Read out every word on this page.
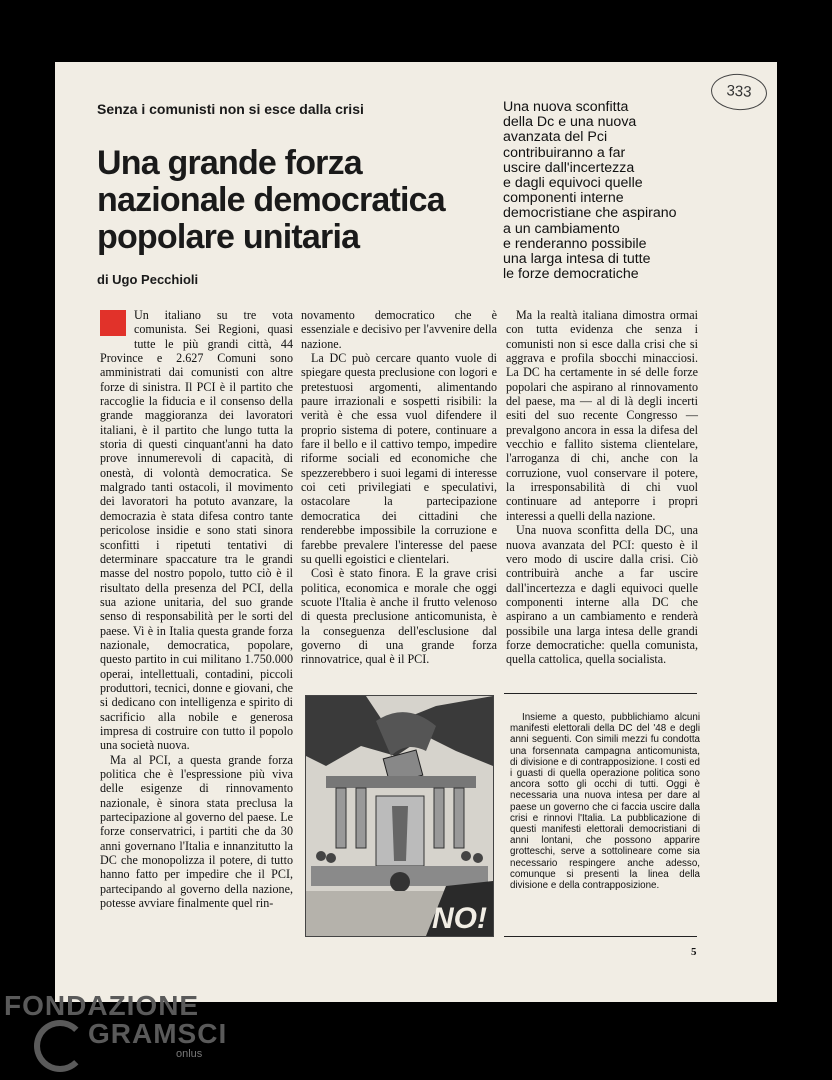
333
Senza i comunisti non si esce dalla crisi
Una grande forza
nazionale democratica
popolare unitaria
di Ugo Pecchioli
Una nuova sconfitta
della Dc e una nuova
avanzata del Pci
contribuiranno a far
uscire dall'incertezza
e dagli equivoci quelle
componenti interne
democristiane che aspirano
a un cambiamento
e renderanno possibile
una larga intesa di tutte
le forze democratiche

Un italiano su tre vota comunista. Sei Regioni, quasi tutte le più grandi città, 44 Province e 2.627 Comuni sono amministrati dai comunisti con altre forze di sinistra. Il PCI è il partito che raccoglie la fiducia e il consenso della grande maggioranza dei lavoratori italiani, è il partito che lungo tutta la storia di questi cinquant'anni ha dato prove innumerevoli di capacità, di onestà, di volontà democratica. Se malgrado tanti ostacoli, il movimento dei lavoratori ha potuto avanzare, la democrazia è stata difesa contro tante pericolose insidie e sono stati sinora sconfitti i ripetuti tentativi di determinare spaccature tra le grandi masse del nostro popolo, tutto ciò è il risultato della presenza del PCI, della sua azione unitaria, del suo grande senso di responsabilità per le sorti del paese. Vi è in Italia questa grande forza nazionale, democratica, popolare, questo partito in cui militano 1.750.000 operai, intellettuali, contadini, piccoli produttori, tecnici, donne e giovani, che si dedicano con intelligenza e spirito di sacrificio alla nobile e generosa impresa di costruire con tutto il popolo una società nuova.

Ma al PCI, a questa grande forza politica che è l'espressione più viva delle esigenze di rinnovamento nazionale, è sinora stata preclusa la partecipazione al governo del paese. Le forze conservatrici, i partiti che da 30 anni governano l'Italia e innanzitutto la DC che monopolizza il potere, di tutto hanno fatto per impedire che il PCI, partecipando al governo della nazione, potesse avviare finalmente quel rin-

novamento democratico che è essenziale e decisivo per l'avvenire della nazione.

La DC può cercare quanto vuole di spiegare questa preclusione con logori e pretestuosi argomenti, alimentando paure irrazionali e sospetti risibili: la verità è che essa vuol difendere il proprio sistema di potere, continuare a fare il bello e il cattivo tempo, impedire riforme sociali ed economiche che spezzerebbero i suoi legami di interesse coi ceti privilegiati e speculativi, ostacolare la partecipazione democratica dei cittadini che renderebbe impossibile la corruzione e farebbe prevalere l'interesse del paese su quelli egoistici e clientelari.

Così è stato finora. E la grave crisi politica, economica e morale che oggi scuote l'Italia è anche il frutto velenoso di questa preclusione anticomunista, è la conseguenza dell'esclusione dal governo di una grande forza rinnovatrice, qual è il PCI.

Ma la realtà italiana dimostra ormai con tutta evidenza che senza i comunisti non si esce dalla crisi che si aggrava e profila sbocchi minacciosi. La DC ha certamente in sé delle forze popolari che aspirano al rinnovamento del paese, ma — al di là degli incerti esiti del suo recente Congresso — prevalgono ancora in essa la difesa del vecchio e fallito sistema clientelare, l'arroganza di chi, anche con la corruzione, vuol conservare il potere, la irresponsabilità di chi vuol continuare ad anteporre i propri interessi a quelli della nazione.

Una nuova sconfitta della DC, una nuova avanzata del PCI: questo è il vero modo di uscire dalla crisi. Ciò contribuirà anche a far uscire dall'incertezza e dagli equivoci quelle componenti interne alla DC che aspirano a un cambiamento e renderà possibile una larga intesa delle grandi forze democratiche: quella comunista, quella cattolica, quella socialista.

NO!

Insieme a questo, pubblichiamo alcuni manifesti elettorali della DC del '48 e degli anni seguenti. Con simili mezzi fu condotta una forsennata campagna anticomunista, di divisione e di contrapposizione. I costi ed i guasti di quella operazione politica sono ancora sotto gli occhi di tutti. Oggi è necessaria una nuova intesa per dare al paese un governo che ci faccia uscire dalla crisi e rinnovi l'Italia. La pubblicazione di questi manifesti elettorali democristiani di anni lontani, che possono apparire grotteschi, serve a sottolineare come sia necessario respingere anche adesso, comunque si presenti la linea della divisione e della contrapposizione.

5
FONDAZIONE
GRAMSCI
onlus
